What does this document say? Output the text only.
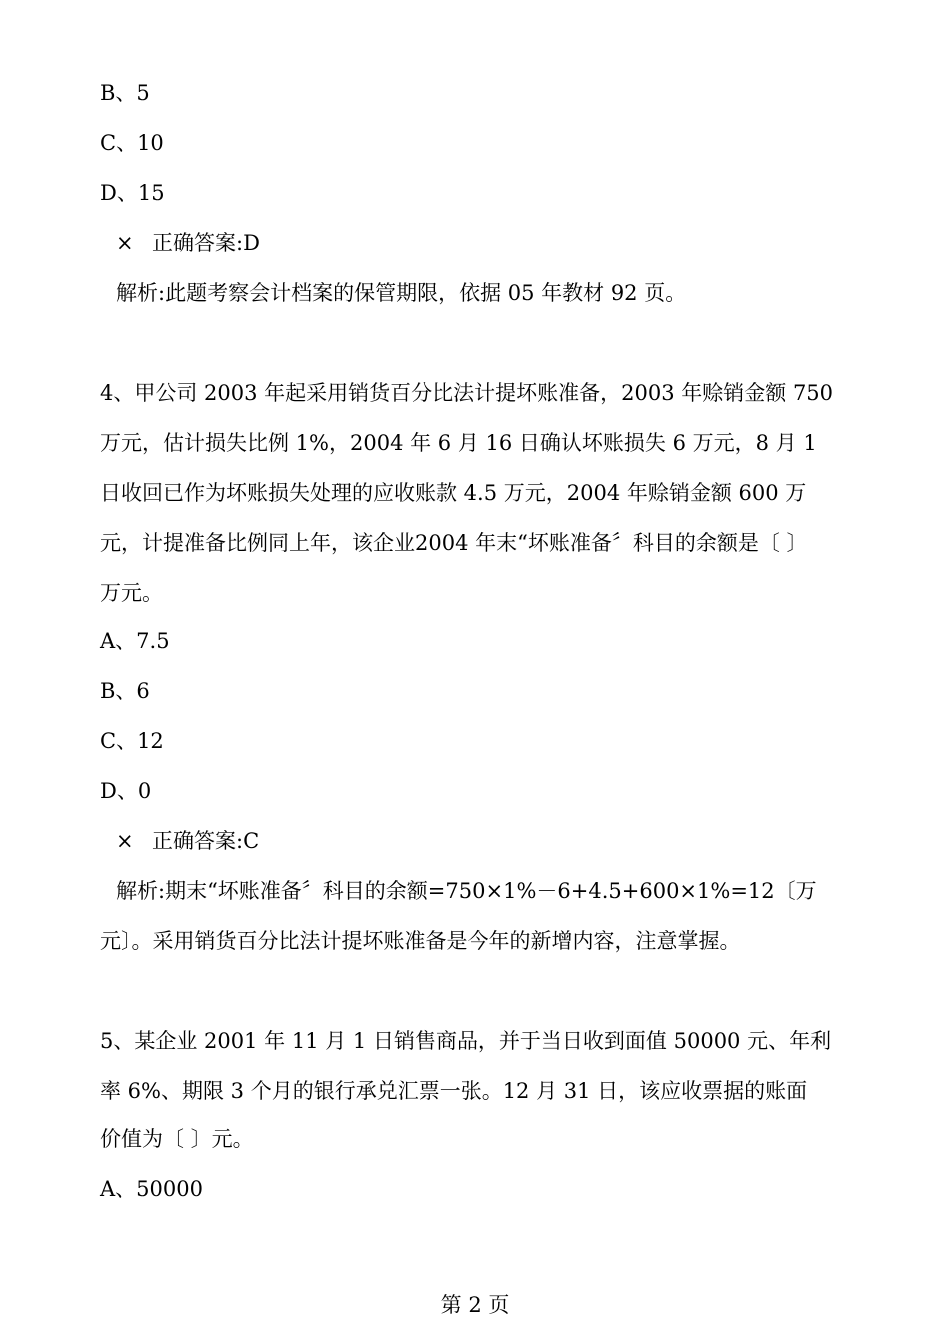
B、5
C、10
D、15
× 正确答案:D
解析:此题考察会计档案的保管期限，依据 05 年教材 92 页。
4、甲公司 2003 年起采用销货百分比法计提坏账准备，2003 年赊销金额 750
万元，估计损失比例 1%，2004 年 6 月 16 日确认坏账损失 6 万元，8 月 1
日收回已作为坏账损失处理的应收账款 4.5 万元，2004 年赊销金额 600 万
元，计提准备比例同上年，该企业2004 年末“坏账准备〞科目的余额是〔 〕
万元。
A、7.5
B、6
C、12
D、0
× 正确答案:C
解析:期末“坏账准备〞科目的余额=750×1%－6+4.5+600×1%=12〔万
元〕。采用销货百分比法计提坏账准备是今年的新增内容，注意掌握。
5、某企业 2001 年 11 月 1 日销售商品，并于当日收到面值 50000 元、年利
率 6%、期限 3 个月的银行承兑汇票一张。12 月 31 日，该应收票据的账面
价值为〔 〕元。
A、50000
第 2 页
